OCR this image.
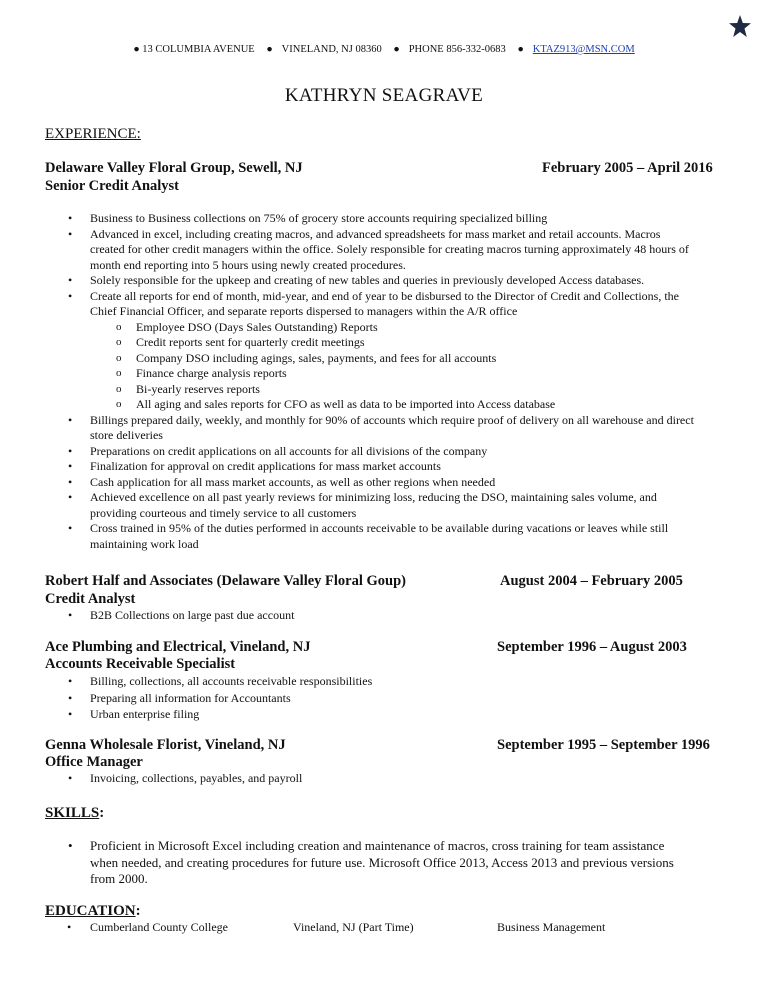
● 13 COLUMBIA AVENUE ● VINELAND, NJ 08360 ● PHONE 856-332-0683 ● KTAZ913@MSN.COM
KATHRYN SEAGRAVE
EXPERIENCE:
Delaware Valley Floral Group, Sewell, NJ	February 2005 – April 2016
Senior Credit Analyst
• Business to Business collections on 75% of grocery store accounts requiring specialized billing
• Advanced in excel, including creating macros, and advanced spreadsheets for mass market and retail accounts. Macros
created for other credit managers within the office. Solely responsible for creating macros turning approximately 48 hours of
month end reporting into 5 hours using newly created procedures.
• Solely responsible for the upkeep and creating of new tables and queries in previously developed Access databases.
• Create all reports for end of month, mid-year, and end of year to be disbursed to the Director of Credit and Collections, the
Chief Financial Officer, and separate reports dispersed to managers within the A/R office
o Employee DSO (Days Sales Outstanding) Reports
o Credit reports sent for quarterly credit meetings
o Company DSO including agings, sales, payments, and fees for all accounts
o Finance charge analysis reports
o Bi-yearly reserves reports
o All aging and sales reports for CFO as well as data to be imported into Access database
• Billings prepared daily, weekly, and monthly for 90% of accounts which require proof of delivery on all warehouse and direct
store deliveries
• Preparations on credit applications on all accounts for all divisions of the company
• Finalization for approval on credit applications for mass market accounts
• Cash application for all mass market accounts, as well as other regions when needed
• Achieved excellence on all past yearly reviews for minimizing loss, reducing the DSO, maintaining sales volume, and
providing courteous and timely service to all customers
• Cross trained in 95% of the duties performed in accounts receivable to be available during vacations or leaves while still
maintaining work load
Robert Half and Associates (Delaware Valley Floral Goup)	August 2004 – February 2005
Credit Analyst
• B2B Collections on large past due account
Ace Plumbing and Electrical, Vineland, NJ	September 1996 – August 2003
Accounts Receivable Specialist
• Billing, collections, all accounts receivable responsibilities
• Preparing all information for Accountants
• Urban enterprise filing
Genna Wholesale Florist, Vineland, NJ	September 1995 – September 1996
Office Manager
• Invoicing, collections, payables, and payroll
SKILLS:
• Proficient in Microsoft Excel including creation and maintenance of macros, cross training for team assistance
when needed, and creating procedures for future use. Microsoft Office 2013, Access 2013 and previous versions
from 2000.
EDUCATION:
• Cumberland County College	Vineland, NJ (Part Time)	Business Management
